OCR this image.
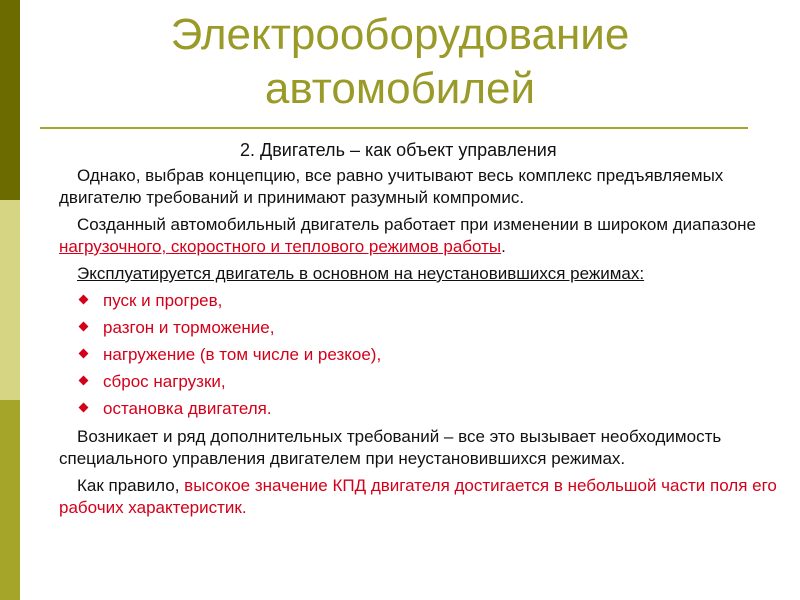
Электрооборудование
автомобилей

2. Двигатель – как объект управления

Однако, выбрав концепцию, все равно учитывают весь комплекс предъявляемых двигателю требований и принимают разумный компромис.

Созданный автомобильный двигатель работает при изменении в широком диапазоне нагрузочного, скоростного и теплового режимов работы.

Эксплуатируется двигатель в основном на неустановившихся режимах:

пуск и прогрев,
разгон и торможение,
нагружение (в том числе и резкое),
сброс нагрузки,
остановка двигателя.

Возникает и ряд дополнительных требований – все это вызывает необходимость специального управления двигателем при неустановившихся режимах.

Как правило, высокое значение КПД двигателя достигается в небольшой части поля его рабочих характеристик.
